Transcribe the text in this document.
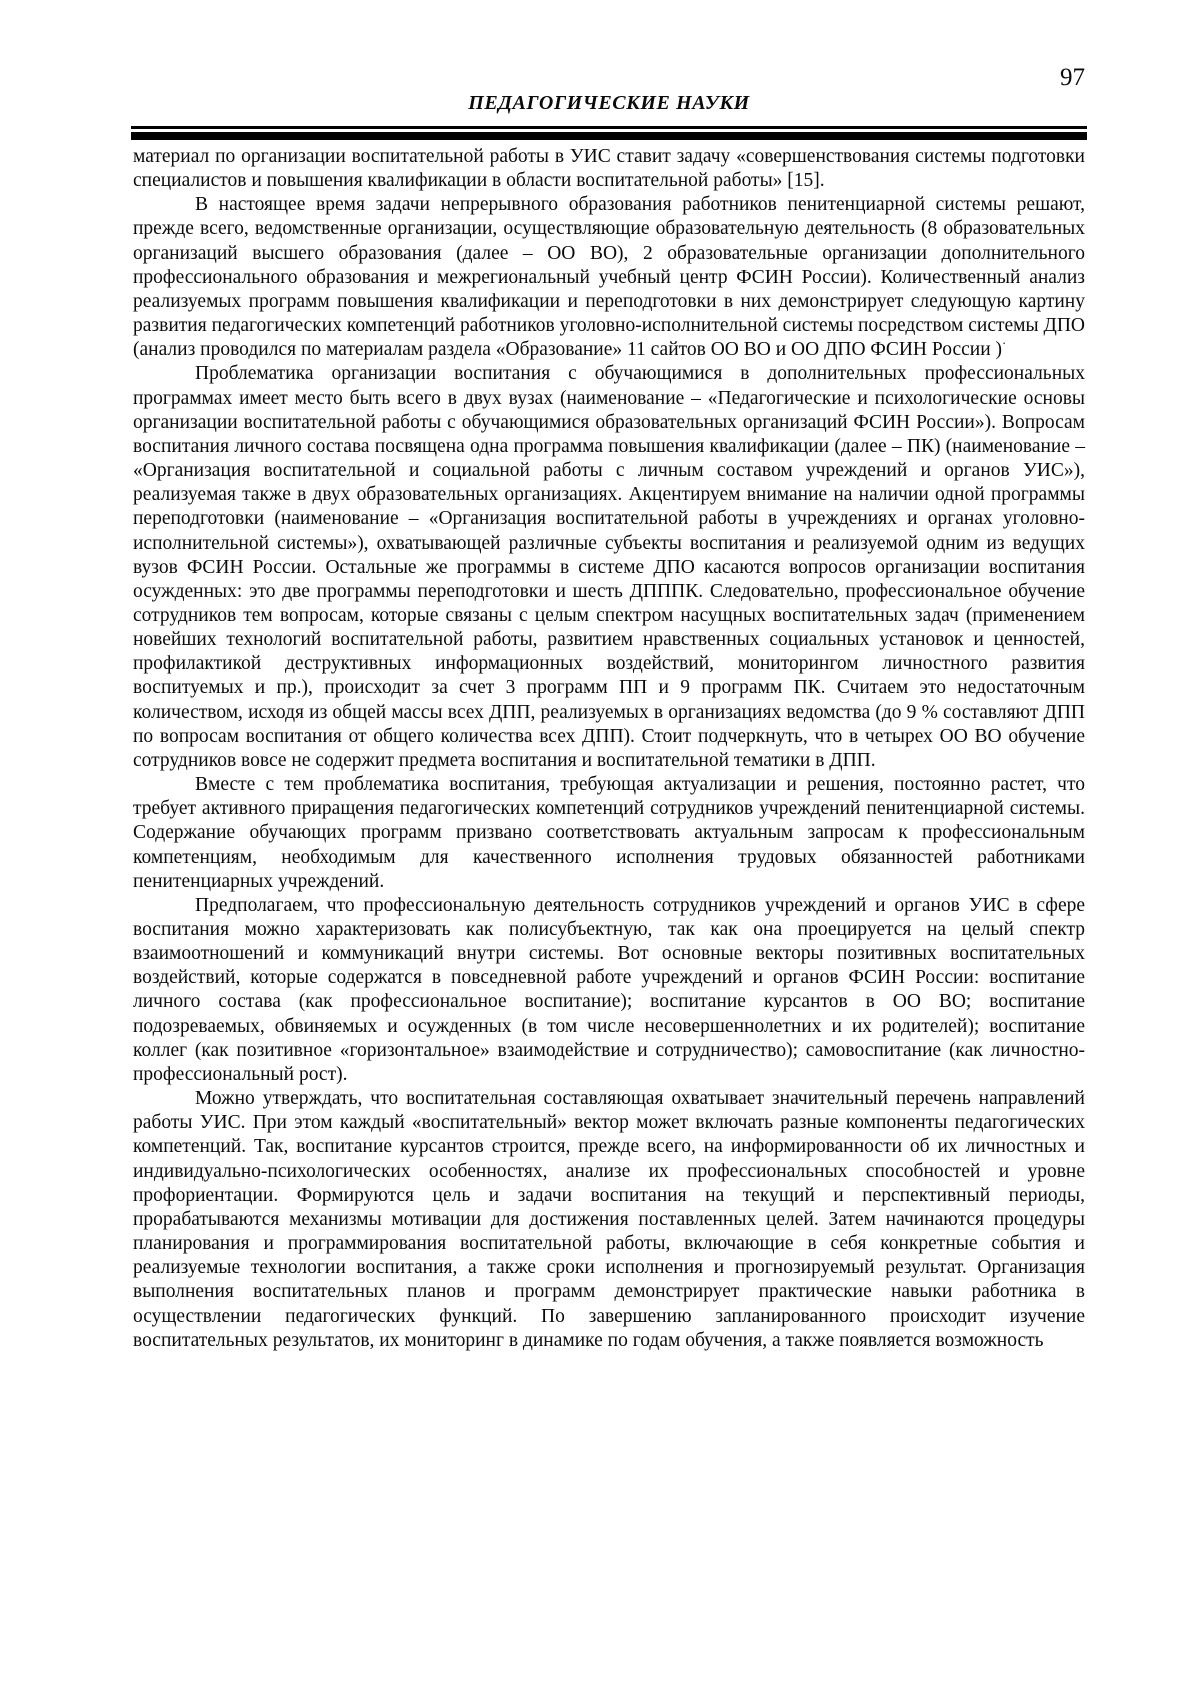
97
ПЕДАГОГИЧЕСКИЕ НАУКИ

материал по организации воспитательной работы в УИС ставит задачу «совершенствования системы подготовки специалистов и повышения квалификации в области воспитательной работы» [15].

В настоящее время задачи непрерывного образования работников пенитенциарной системы решают, прежде всего, ведомственные организации, осуществляющие образовательную деятельность (8 образовательных организаций высшего образования (далее – ОО ВО), 2 образовательные организации дополнительного профессионального образования и межрегиональный учебный центр ФСИН России). Количественный анализ реализуемых программ повышения квалификации и переподготовки в них демонстрирует следующую картину развития педагогических компетенций работников уголовно-исполнительной системы посредством системы ДПО (анализ проводился по материалам раздела «Образование» 11 сайтов ОО ВО и ОО ДПО ФСИН России )·

Проблематика организации воспитания с обучающимися в дополнительных профессиональных программах имеет место быть всего в двух вузах (наименование – «Педагогические и психологические основы организации воспитательной работы с обучающимися образовательных организаций ФСИН России»). Вопросам воспитания личного состава посвящена одна программа повышения квалификации (далее – ПК) (наименование – «Организация воспитательной и социальной работы с личным составом учреждений и органов УИС»), реализуемая также в двух образовательных организациях. Акцентируем внимание на наличии одной программы переподготовки (наименование – «Организация воспитательной работы в учреждениях и органах уголовно-исполнительной системы»), охватывающей различные субъекты воспитания и реализуемой одним из ведущих вузов ФСИН России. Остальные же программы в системе ДПО касаются вопросов организации воспитания осужденных: это две программы переподготовки и шесть ДПППК. Следовательно, профессиональное обучение сотрудников тем вопросам, которые связаны с целым спектром насущных воспитательных задач (применением новейших технологий воспитательной работы, развитием нравственных социальных установок и ценностей, профилактикой деструктивных информационных воздействий, мониторингом личностного развития воспитуемых и пр.), происходит за счет 3 программ ПП и 9 программ ПК. Считаем это недостаточным количеством, исходя из общей массы всех ДПП, реализуемых в организациях ведомства (до 9 % составляют ДПП по вопросам воспитания от общего количества всех ДПП). Стоит подчеркнуть, что в четырех ОО ВО обучение сотрудников вовсе не содержит предмета воспитания и воспитательной тематики в ДПП.

Вместе с тем проблематика воспитания, требующая актуализации и решения, постоянно растет, что требует активного приращения педагогических компетенций сотрудников учреждений пенитенциарной системы. Содержание обучающих программ призвано соответствовать актуальным запросам к профессиональным компетенциям, необходимым для качественного исполнения трудовых обязанностей работниками пенитенциарных учреждений.

Предполагаем, что профессиональную деятельность сотрудников учреждений и органов УИС в сфере воспитания можно характеризовать как полисубъектную, так как она проецируется на целый спектр взаимоотношений и коммуникаций внутри системы. Вот основные векторы позитивных воспитательных воздействий, которые содержатся в повседневной работе учреждений и органов ФСИН России: воспитание личного состава (как профессиональное воспитание); воспитание курсантов в ОО ВО; воспитание подозреваемых, обвиняемых и осужденных (в том числе несовершеннолетних и их родителей); воспитание коллег (как позитивное «горизонтальное» взаимодействие и сотрудничество); самовоспитание (как личностно-профессиональный рост).

Можно утверждать, что воспитательная составляющая охватывает значительный перечень направлений работы УИС. При этом каждый «воспитательный» вектор может включать разные компоненты педагогических компетенций. Так, воспитание курсантов строится, прежде всего, на информированности об их личностных и индивидуально-психологических особенностях, анализе их профессиональных способностей и уровне профориентации. Формируются цель и задачи воспитания на текущий и перспективный периоды, прорабатываются механизмы мотивации для достижения поставленных целей. Затем начинаются процедуры планирования и программирования воспитательной работы, включающие в себя конкретные события и реализуемые технологии воспитания, а также сроки исполнения и прогнозируемый результат. Организация выполнения воспитательных планов и программ демонстрирует практические навыки работника в осуществлении педагогических функций. По завершению запланированного происходит изучение воспитательных результатов, их мониторинг в динамике по годам обучения, а также появляется возможность
